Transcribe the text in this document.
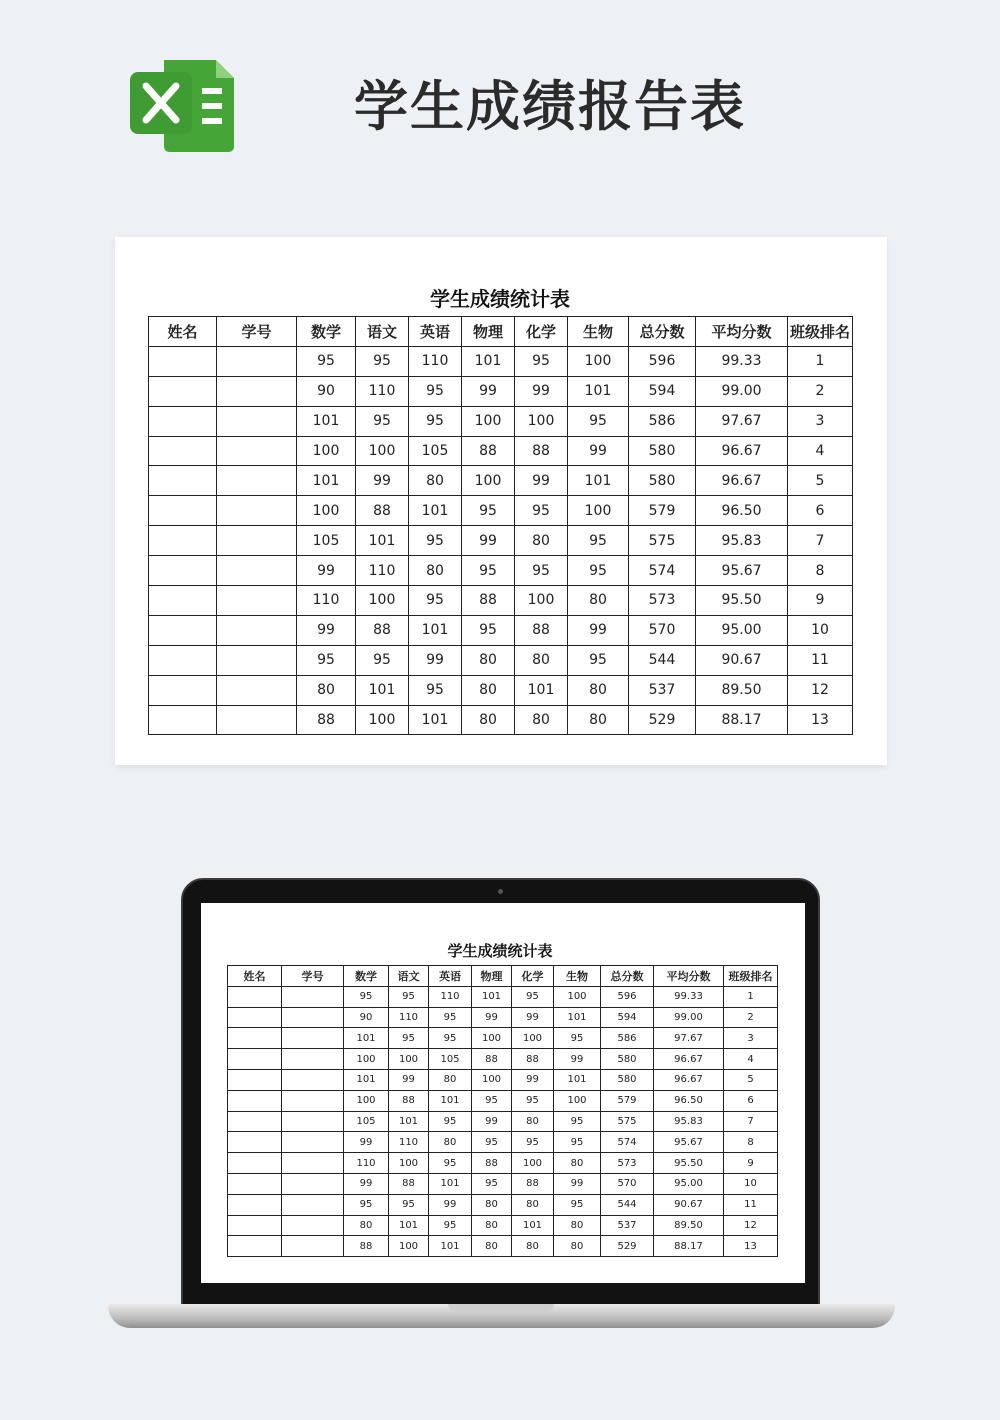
学生成绩报告表
学生成绩统计表
姓名	学号	数学	语文	英语	物理	化学	生物	总分数	平均分数	班级排名
		95	95	110	101	95	100	596	99.33	1
		90	110	95	99	99	101	594	99.00	2
		101	95	95	100	100	95	586	97.67	3
		100	100	105	88	88	99	580	96.67	4
		101	99	80	100	99	101	580	96.67	5
		100	88	101	95	95	100	579	96.50	6
		105	101	95	99	80	95	575	95.83	7
		99	110	80	95	95	95	574	95.67	8
		110	100	95	88	100	80	573	95.50	9
		99	88	101	95	88	99	570	95.00	10
		95	95	99	80	80	95	544	90.67	11
		80	101	95	80	101	80	537	89.50	12
		88	100	101	80	80	80	529	88.17	13
学生成绩统计表
姓名	学号	数学	语文	英语	物理	化学	生物	总分数	平均分数	班级排名
		95	95	110	101	95	100	596	99.33	1
		90	110	95	99	99	101	594	99.00	2
		101	95	95	100	100	95	586	97.67	3
		100	100	105	88	88	99	580	96.67	4
		101	99	80	100	99	101	580	96.67	5
		100	88	101	95	95	100	579	96.50	6
		105	101	95	99	80	95	575	95.83	7
		99	110	80	95	95	95	574	95.67	8
		110	100	95	88	100	80	573	95.50	9
		99	88	101	95	88	99	570	95.00	10
		95	95	99	80	80	95	544	90.67	11
		80	101	95	80	101	80	537	89.50	12
		88	100	101	80	80	80	529	88.17	13
